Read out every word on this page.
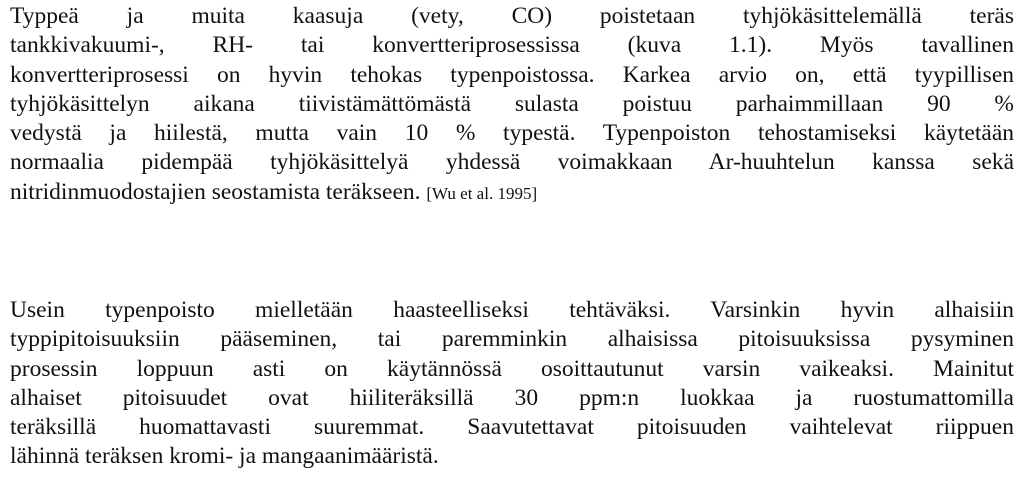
Typpeä ja muita kaasuja (vety, CO) poistetaan tyhjökäsittelemällä teräs
tankkivakuumi-, RH- tai konvertteriprosessissa (kuva 1.1). Myös tavallinen
konvertteriprosessi on hyvin tehokas typenpoistossa. Karkea arvio on, että tyypillisen
tyhjökäsittelyn aikana tiivistämättömästä sulasta poistuu parhaimmillaan 90 %
vedystä ja hiilestä, mutta vain 10 % typestä. Typenpoiston tehostamiseksi käytetään
normaalia pidempää tyhjökäsittelyä yhdessä voimakkaan Ar-huuhtelun kanssa sekä
nitridinmuodostajien seostamista teräkseen. [Wu et al. 1995]
Usein typenpoisto mielletään haasteelliseksi tehtäväksi. Varsinkin hyvin alhaisiin
typpipitoisuuksiin pääseminen, tai paremminkin alhaisissa pitoisuuksissa pysyminen
prosessin loppuun asti on käytännössä osoittautunut varsin vaikeaksi. Mainitut
alhaiset pitoisuudet ovat hiiliteräksillä 30 ppm:n luokkaa ja ruostumattomilla
teräksillä huomattavasti suuremmat. Saavutettavat pitoisuuden vaihtelevat riippuen
lähinnä teräksen kromi- ja mangaanimääristä.
